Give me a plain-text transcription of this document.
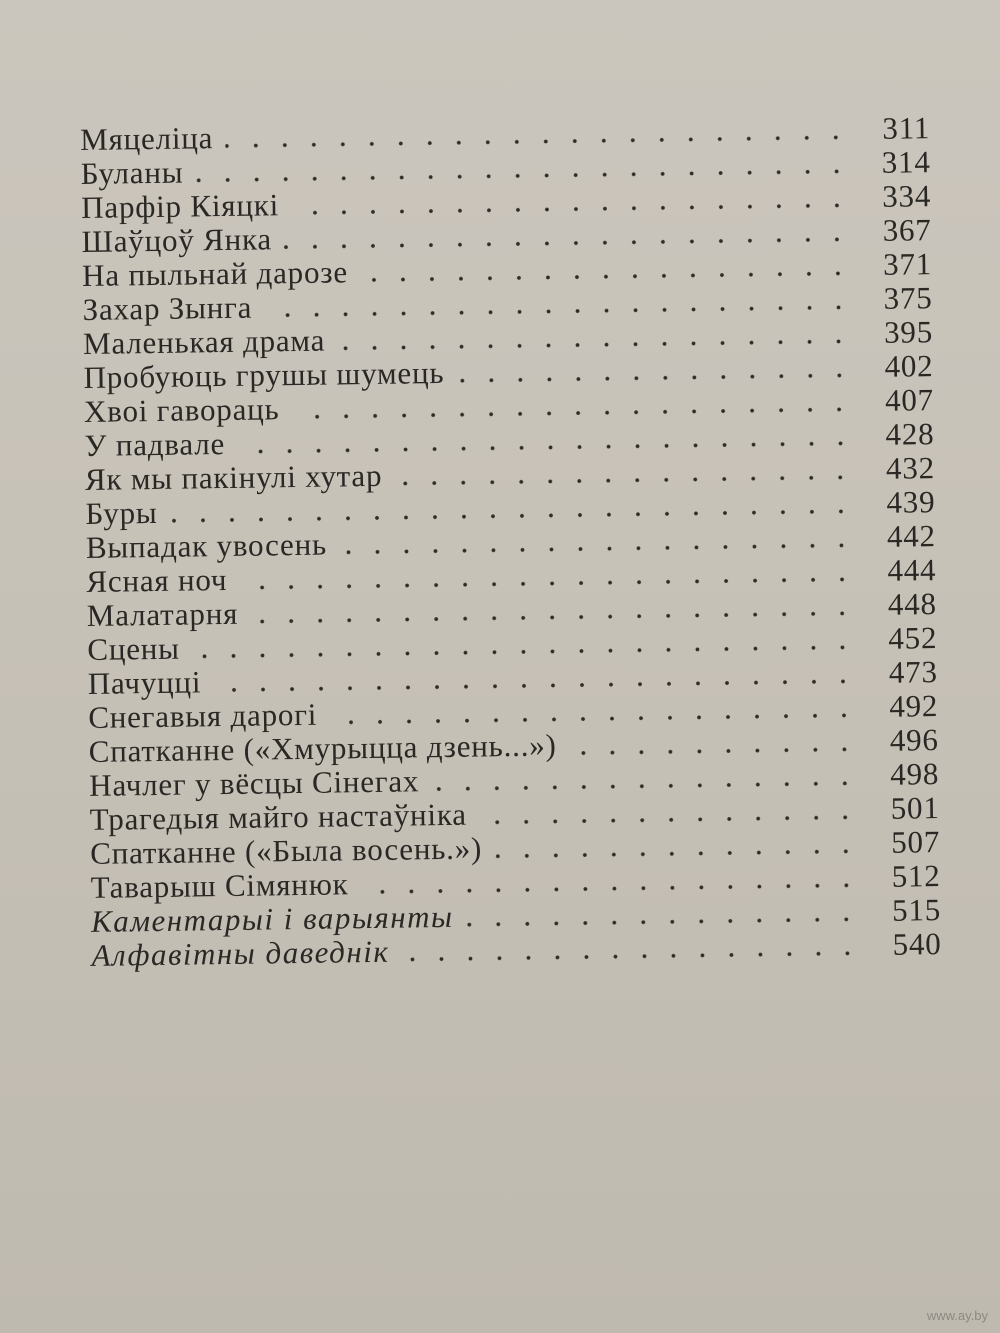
Мяцеліца	311
Буланы	314
Парфір Кіяцкі	334
Шаўцоў Янка	367
На пыльнай дарозе	371
Захар Зынга	375
Маленькая драма	395
Пробуюць грушы шумець	402
Хвоі гавораць	407
У падвале	428
Як мы пакінулі хутар	432
Буры	439
Выпадак увосень	442
Ясная ноч	444
Малатарня	448
Сцены	452
Пачуцці	473
Снегавыя дарогі	492
Спатканне («Хмурыцца дзень...»)	496
Начлег у вёсцы Сінегах	498
Трагедыя майго настаўніка	501
Спатканне («Была восень.»)	507
Таварыш Сімянюк	512
Каментарыі і варыянты	515
Алфавітны даведнік	540
www.ay.by
